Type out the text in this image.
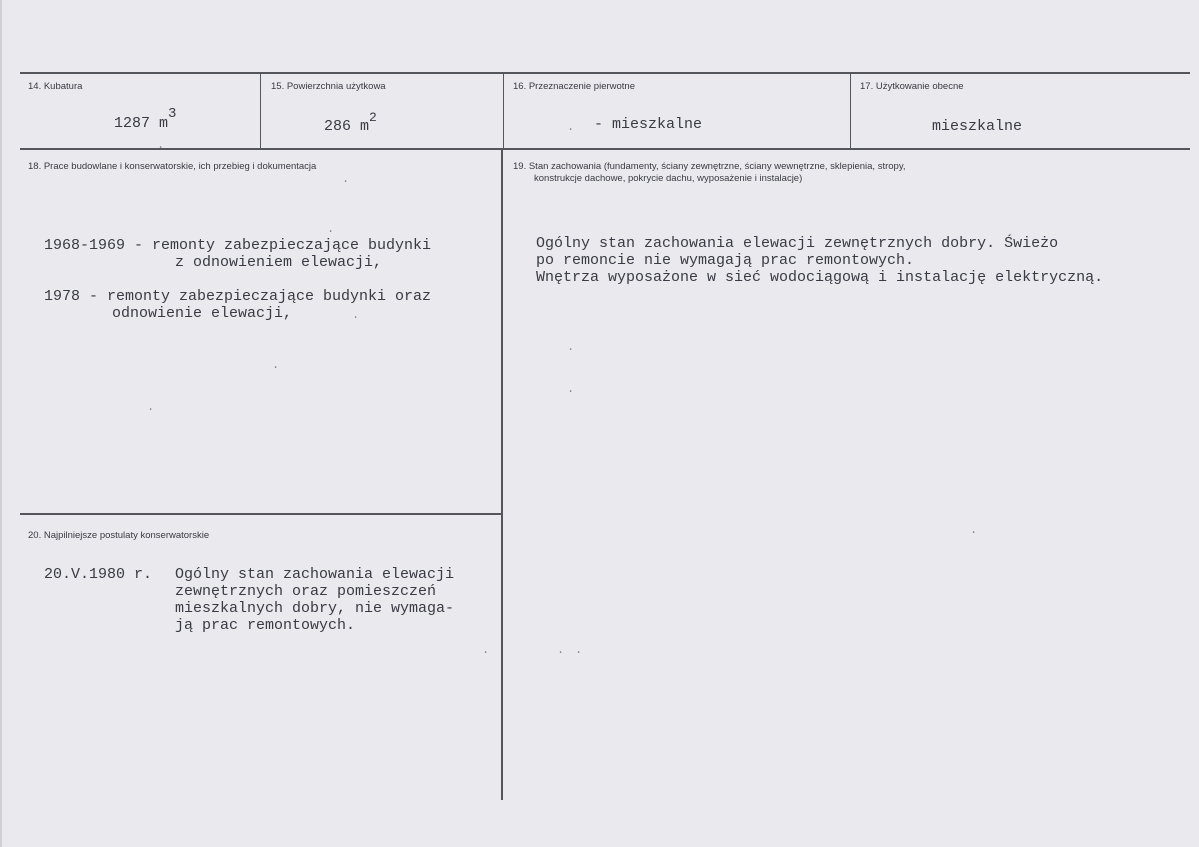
14. Kubatura
1287 $m^3$
15. Powierzchnia użytkowa
286 $m^2$
16. Przeznaczenie pierwotne
- mieszkalne
17. Użytkowanie obecne
mieszkalne
18. Prace budowlane i konserwatorskie, ich przebieg i dokumentacja
1968-1969 - remonty zabezpieczające budynki
z odnowieniem elewacji,
1978 - remonty zabezpieczające budynki oraz
odnowienie elewacji,
19. Stan zachowania (fundamenty, ściany zewnętrzne, ściany wewnętrzne, sklepienia, stropy,
konstrukcje dachowe, pokrycie dachu, wyposażenie i instalacje)
Ogólny stan zachowania elewacji zewnętrznych dobry. Świeżo
po remoncie nie wymagają prac remontowych.
Wnętrza wyposażone w sieć wodociągową i instalację elektryczną.
20. Najpilniejsze postulaty konserwatorskie
20.V.1980 r. Ogólny stan zachowania elewacji
zewnętrznych oraz pomieszczeń
mieszkalnych dobry, nie wymaga-
ją prac remontowych.
.
.
.
.
.
.
.
.
. .
.
.
.
